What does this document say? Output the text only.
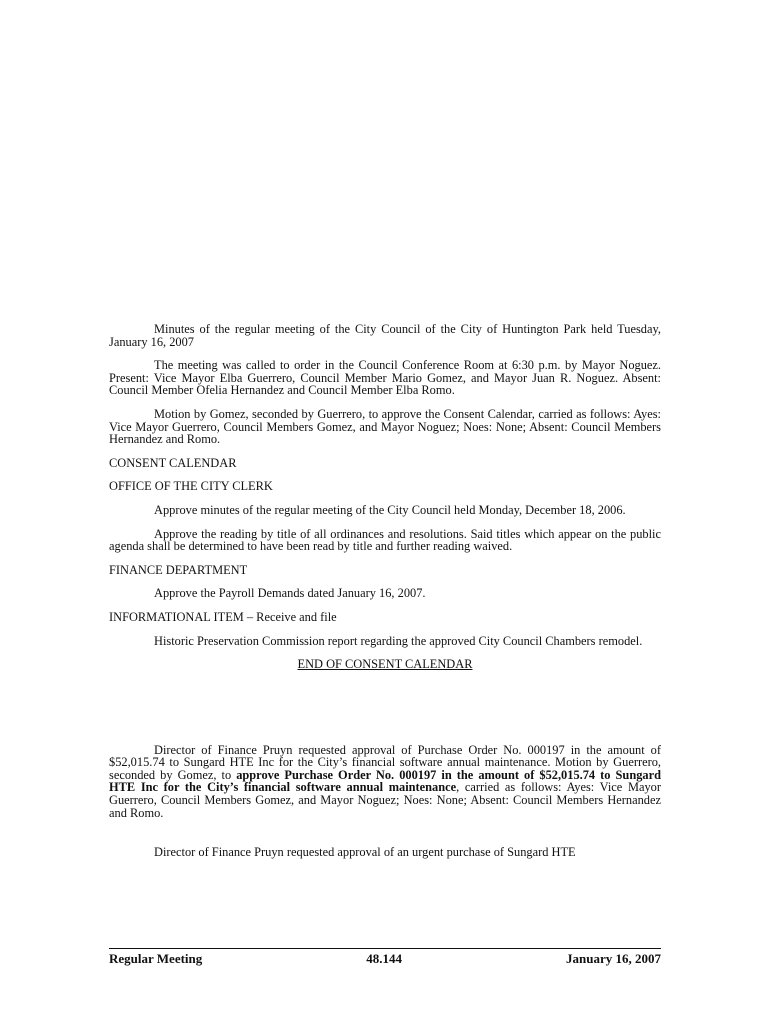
Minutes of the regular meeting of the City Council of the City of Huntington Park held Tuesday, January 16, 2007

The meeting was called to order in the Council Conference Room at 6:30 p.m. by Mayor Noguez. Present: Vice Mayor Elba Guerrero, Council Member Mario Gomez, and Mayor Juan R. Noguez. Absent: Council Member Ofelia Hernandez and Council Member Elba Romo.

Motion by Gomez, seconded by Guerrero, to approve the Consent Calendar, carried as follows: Ayes: Vice Mayor Guerrero, Council Members Gomez, and Mayor Noguez; Noes: None; Absent: Council Members Hernandez and Romo.

CONSENT CALENDAR

OFFICE OF THE CITY CLERK

Approve minutes of the regular meeting of the City Council held Monday, December 18, 2006.

Approve the reading by title of all ordinances and resolutions. Said titles which appear on the public agenda shall be determined to have been read by title and further reading waived.

FINANCE DEPARTMENT

Approve the Payroll Demands dated January 16, 2007.

INFORMATIONAL ITEM – Receive and file

Historic Preservation Commission report regarding the approved City Council Chambers remodel.

END OF CONSENT CALENDAR

Director of Finance Pruyn requested approval of Purchase Order No. 000197 in the amount of $52,015.74 to Sungard HTE Inc for the City’s financial software annual maintenance. Motion by Guerrero, seconded by Gomez, to approve Purchase Order No. 000197 in the amount of $52,015.74 to Sungard HTE Inc for the City’s financial software annual maintenance, carried as follows: Ayes: Vice Mayor Guerrero, Council Members Gomez, and Mayor Noguez; Noes: None; Absent: Council Members Hernandez and Romo.

Director of Finance Pruyn requested approval of an urgent purchase of Sungard HTE

Regular Meeting	48.144	January 16, 2007
